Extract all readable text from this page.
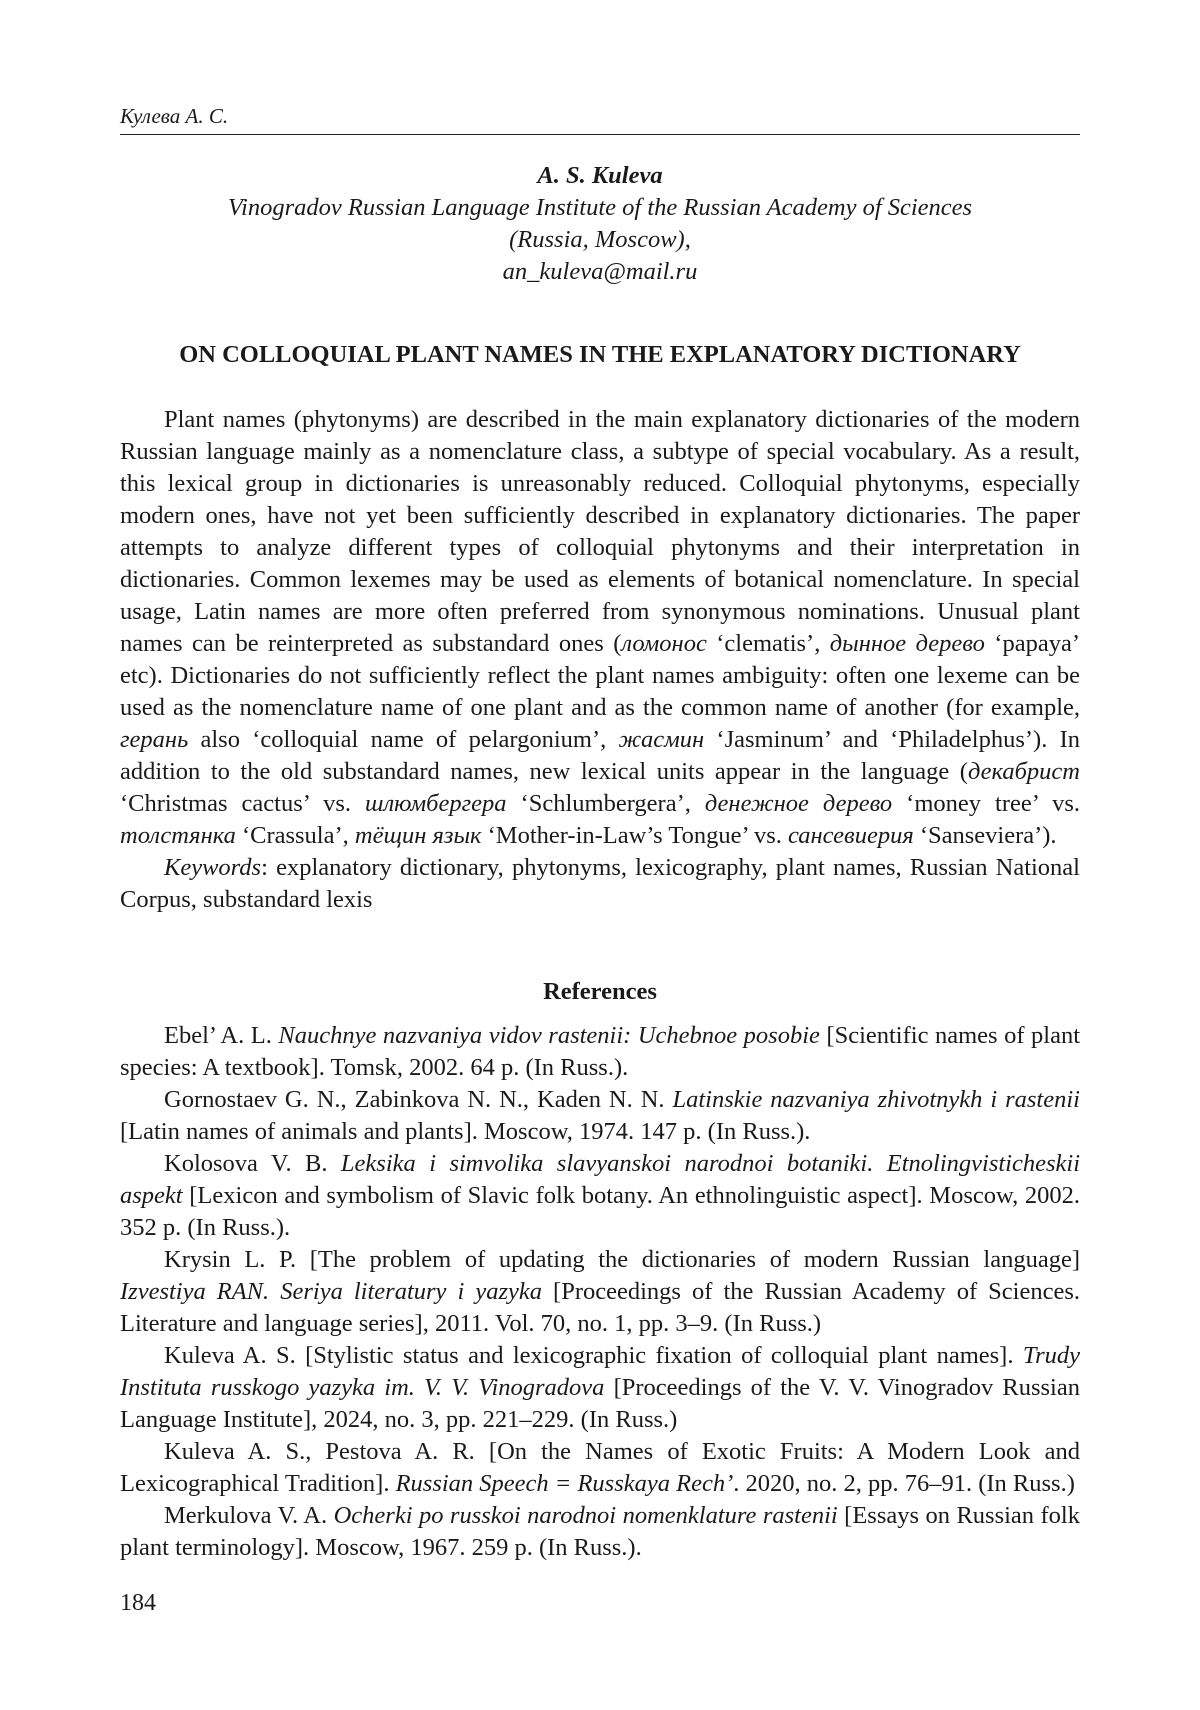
Кулева А. С.
A. S. Kuleva
Vinogradov Russian Language Institute of the Russian Academy of Sciences
(Russia, Moscow),
an_kuleva@mail.ru
ON COLLOQUIAL PLANT NAMES IN THE EXPLANATORY DICTIONARY

Plant names (phytonyms) are described in the main explanatory dictionaries of the modern Russian language mainly as a nomenclature class, a subtype of special vocabulary. As a result, this lexical group in dictionaries is unreasonably reduced. Colloquial phytonyms, especially modern ones, have not yet been sufficiently described in explanatory dictionaries. The paper attempts to analyze different types of colloquial phytonyms and their interpretation in dictionaries. Common lexemes may be used as elements of botanical nomenclature. In special usage, Latin names are more often preferred from synonymous nominations. Unusual plant names can be reinterpreted as substandard ones (ломонос ‘clematis’, дынное дерево ‘papaya’ etc). Dictionaries do not sufficiently reflect the plant names ambiguity: often one lexeme can be used as the nomenclature name of one plant and as the common name of another (for example, герань also ‘colloquial name of pelargonium’, жасмин ‘Jasminum’ and ‘Philadelphus’). In addition to the old substandard names, new lexical units appear in the language (декабрист ‘Christmas cactus’ vs. шлюмбергера ‘Schlumbergera’, денежное дерево ‘money tree’ vs. толстянка ‘Crassula’, тёщин язык ‘Mother-in-Law’s Tongue’ vs. сансевиерия ‘Sanseviera’).

Keywords: explanatory dictionary, phytonyms, lexicography, plant names, Russian National Corpus, substandard lexis

References

Ebel’ A. L. Nauchnye nazvaniya vidov rastenii: Uchebnoe posobie [Scientific names of plant species: A textbook]. Tomsk, 2002. 64 p. (In Russ.).

Gornostaev G. N., Zabinkova N. N., Kaden N. N. Latinskie nazvaniya zhivotnykh i rastenii [Latin names of animals and plants]. Moscow, 1974. 147 p. (In Russ.).

Kolosova V. B. Leksika i simvolika slavyanskoi narodnoi botaniki. Etnolingvisticheskii aspekt [Lexicon and symbolism of Slavic folk botany. An ethnolinguistic aspect]. Moscow, 2002. 352 p. (In Russ.).

Krysin L. P. [The problem of updating the dictionaries of modern Russian language] Izvestiya RAN. Seriya literatury i yazyka [Proceedings of the Russian Academy of Sciences. Literature and language series], 2011. Vol. 70, no. 1, pp. 3–9. (In Russ.)

Kuleva A. S. [Stylistic status and lexicographic fixation of colloquial plant names]. Trudy Instituta russkogo yazyka im. V. V. Vinogradova [Proceedings of the V. V. Vinogradov Russian Language Institute], 2024, no. 3, pp. 221–229. (In Russ.)

Kuleva A. S., Pestova A. R. [On the Names of Exotic Fruits: A Modern Look and Lexicographical Tradition]. Russian Speech = Russkaya Rech’. 2020, no. 2, pp. 76–91. (In Russ.)

Merkulova V. A. Ocherki po russkoi narodnoi nomenklature rastenii [Essays on Russian folk plant terminology]. Moscow, 1967. 259 p. (In Russ.).

184
